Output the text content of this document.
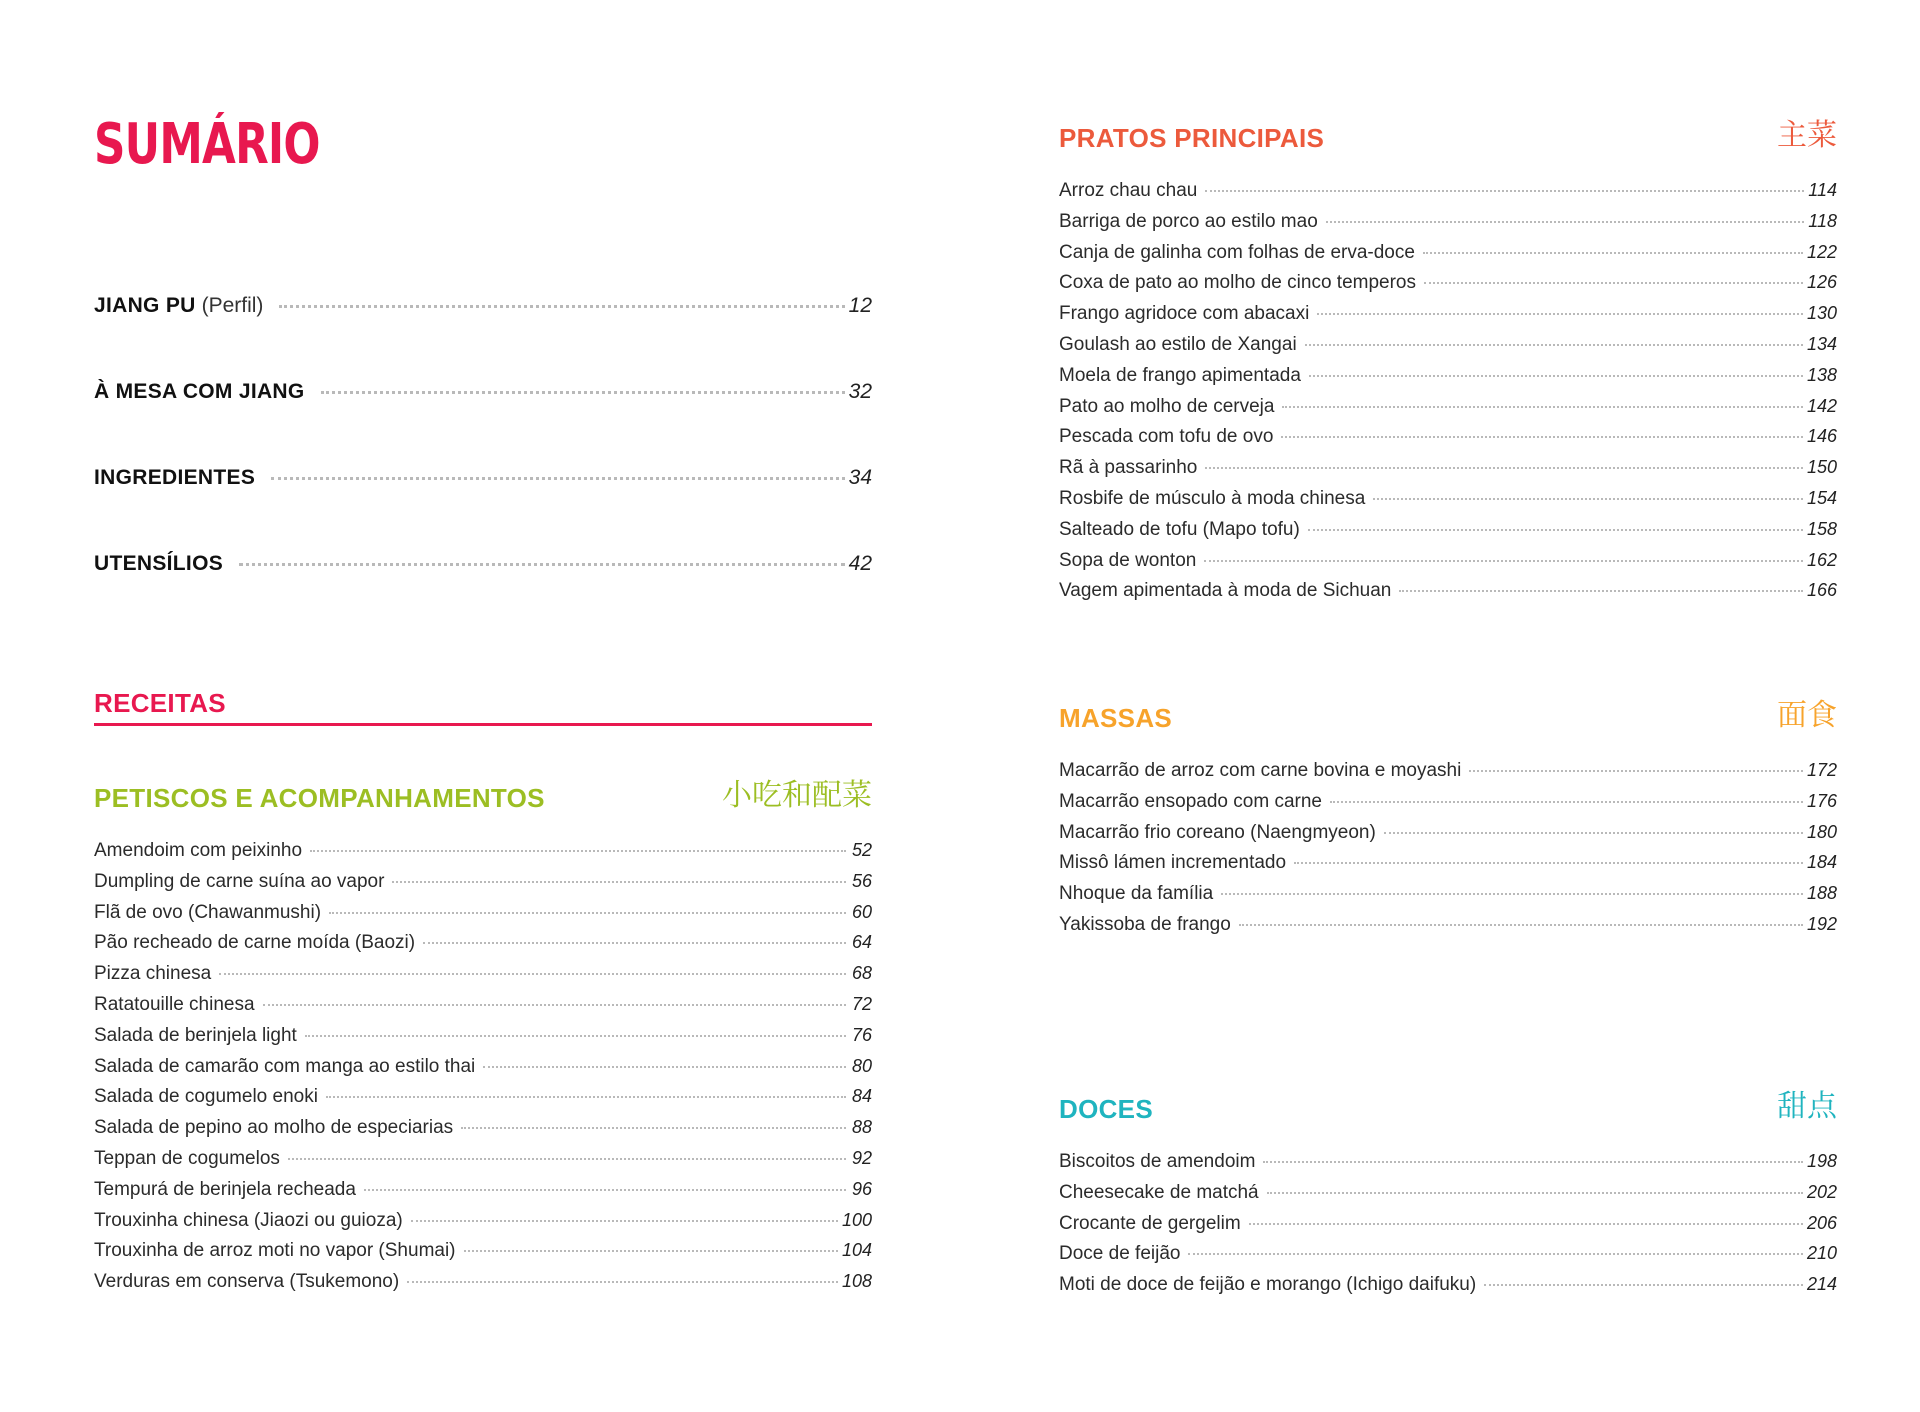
SUMÁRIO
JIANG PU (Perfil)	12
À MESA COM JIANG	32
INGREDIENTES	34
UTENSÍLIOS	42
RECEITAS
PETISCOS E ACOMPANHAMENTOS	小吃和配菜
Amendoim com peixinho	52
Dumpling de carne suína ao vapor	56
Flã de ovo (Chawanmushi)	60
Pão recheado de carne moída (Baozi)	64
Pizza chinesa	68
Ratatouille chinesa	72
Salada de berinjela light	76
Salada de camarão com manga ao estilo thai	80
Salada de cogumelo enoki	84
Salada de pepino ao molho de especiarias	88
Teppan de cogumelos	92
Tempurá de berinjela recheada	96
Trouxinha chinesa (Jiaozi ou guioza)	100
Trouxinha de arroz moti no vapor (Shumai)	104
Verduras em conserva (Tsukemono)	108
PRATOS PRINCIPAIS	主菜
Arroz chau chau	114
Barriga de porco ao estilo mao	118
Canja de galinha com folhas de erva-doce	122
Coxa de pato ao molho de cinco temperos	126
Frango agridoce com abacaxi	130
Goulash ao estilo de Xangai	134
Moela de frango apimentada	138
Pato ao molho de cerveja	142
Pescada com tofu de ovo	146
Rã à passarinho	150
Rosbife de músculo à moda chinesa	154
Salteado de tofu (Mapo tofu)	158
Sopa de wonton	162
Vagem apimentada à moda de Sichuan	166
MASSAS	面食
Macarrão de arroz com carne bovina e moyashi	172
Macarrão ensopado com carne	176
Macarrão frio coreano (Naengmyeon)	180
Missô lámen incrementado	184
Nhoque da família	188
Yakissoba de frango	192
DOCES	甜点
Biscoitos de amendoim	198
Cheesecake de matchá	202
Crocante de gergelim	206
Doce de feijão	210
Moti de doce de feijão e morango (Ichigo daifuku)	214
